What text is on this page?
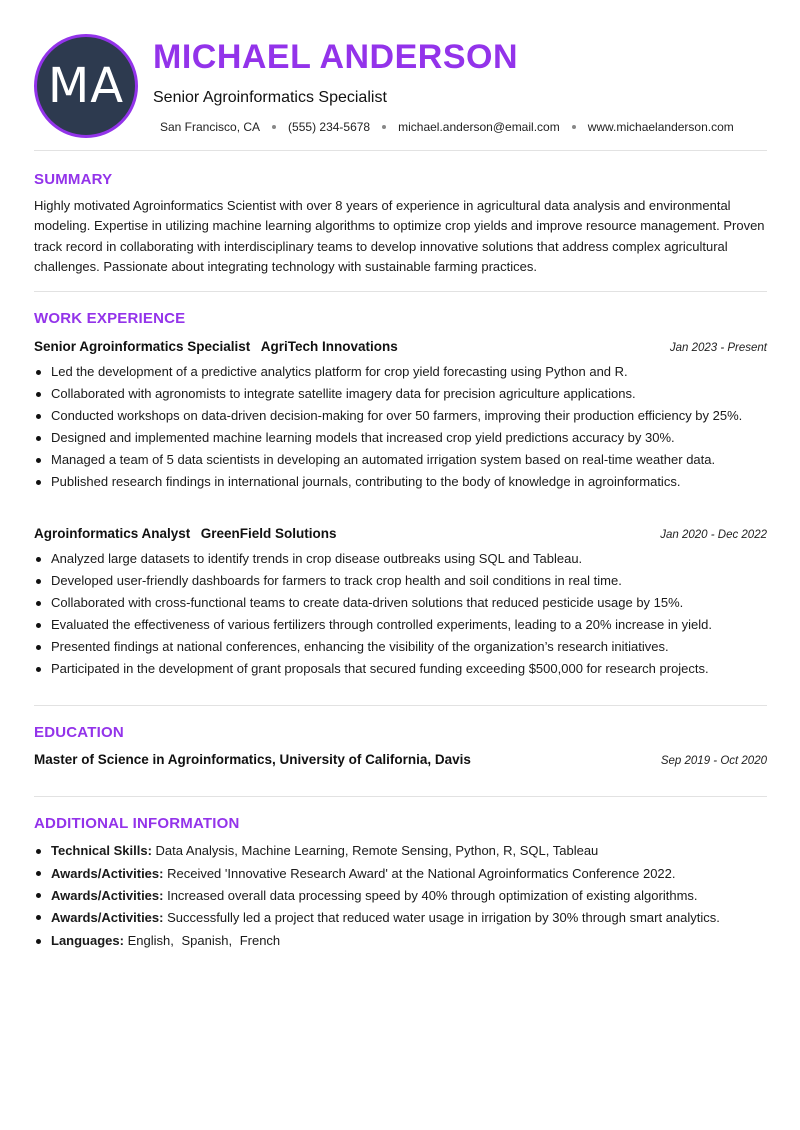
MA
MICHAEL ANDERSON
Senior Agroinformatics Specialist
San Francisco, CA (555) 234-5678 michael.anderson@email.com www.michaelanderson.com
SUMMARY
Highly motivated Agroinformatics Scientist with over 8 years of experience in agricultural data analysis and environmental modeling. Expertise in utilizing machine learning algorithms to optimize crop yields and improve resource management. Proven track record in collaborating with interdisciplinary teams to develop innovative solutions that address complex agricultural challenges. Passionate about integrating technology with sustainable farming practices.
WORK EXPERIENCE
Senior Agroinformatics Specialist AgriTech Innovations	Jan 2023 - Present
Led the development of a predictive analytics platform for crop yield forecasting using Python and R.
Collaborated with agronomists to integrate satellite imagery data for precision agriculture applications.
Conducted workshops on data-driven decision-making for over 50 farmers, improving their production efficiency by 25%.
Designed and implemented machine learning models that increased crop yield predictions accuracy by 30%.
Managed a team of 5 data scientists in developing an automated irrigation system based on real-time weather data.
Published research findings in international journals, contributing to the body of knowledge in agroinformatics.
Agroinformatics Analyst GreenField Solutions	Jan 2020 - Dec 2022
Analyzed large datasets to identify trends in crop disease outbreaks using SQL and Tableau.
Developed user-friendly dashboards for farmers to track crop health and soil conditions in real time.
Collaborated with cross-functional teams to create data-driven solutions that reduced pesticide usage by 15%.
Evaluated the effectiveness of various fertilizers through controlled experiments, leading to a 20% increase in yield.
Presented findings at national conferences, enhancing the visibility of the organization’s research initiatives.
Participated in the development of grant proposals that secured funding exceeding $500,000 for research projects.
EDUCATION
Master of Science in Agroinformatics, University of California, Davis	Sep 2019 - Oct 2020
ADDITIONAL INFORMATION
Technical Skills: Data Analysis, Machine Learning, Remote Sensing, Python, R, SQL, Tableau
Awards/Activities: Received 'Innovative Research Award' at the National Agroinformatics Conference 2022.
Awards/Activities: Increased overall data processing speed by 40% through optimization of existing algorithms.
Awards/Activities: Successfully led a project that reduced water usage in irrigation by 30% through smart analytics.
Languages: English, Spanish, French
